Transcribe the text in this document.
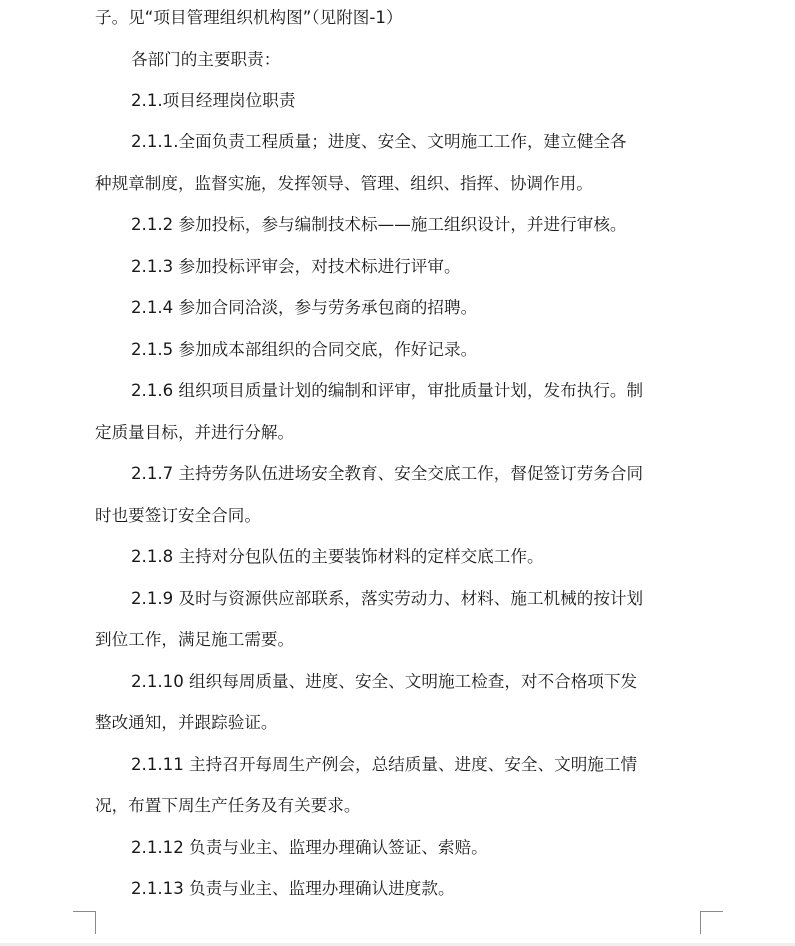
子。见“项目管理组织机构图”（见附图-1）
各部门的主要职责：
2.1.项目经理岗位职责
2.1.1.全面负责工程质量；进度、安全、文明施工工作，建立健全各
种规章制度，监督实施，发挥领导、管理、组织、指挥、协调作用。
2.1.2 参加投标，参与编制技术标——施工组织设计，并进行审核。
2.1.3 参加投标评审会，对技术标进行评审。
2.1.4 参加合同洽淡，参与劳务承包商的招聘。
2.1.5 参加成本部组织的合同交底，作好记录。
2.1.6 组织项目质量计划的编制和评审，审批质量计划，发布执行。制
定质量目标，并进行分解。
2.1.7 主持劳务队伍进场安全教育、安全交底工作，督促签订劳务合同
时也要签订安全合同。
2.1.8 主持对分包队伍的主要装饰材料的定样交底工作。
2.1.9 及时与资源供应部联系，落实劳动力、材料、施工机械的按计划
到位工作，满足施工需要。
2.1.10 组织每周质量、进度、安全、文明施工检查，对不合格项下发
整改通知，并跟踪验证。
2.1.11 主持召开每周生产例会，总结质量、进度、安全、文明施工情
况，布置下周生产任务及有关要求。
2.1.12 负责与业主、监理办理确认签证、索赔。
2.1.13 负责与业主、监理办理确认进度款。
